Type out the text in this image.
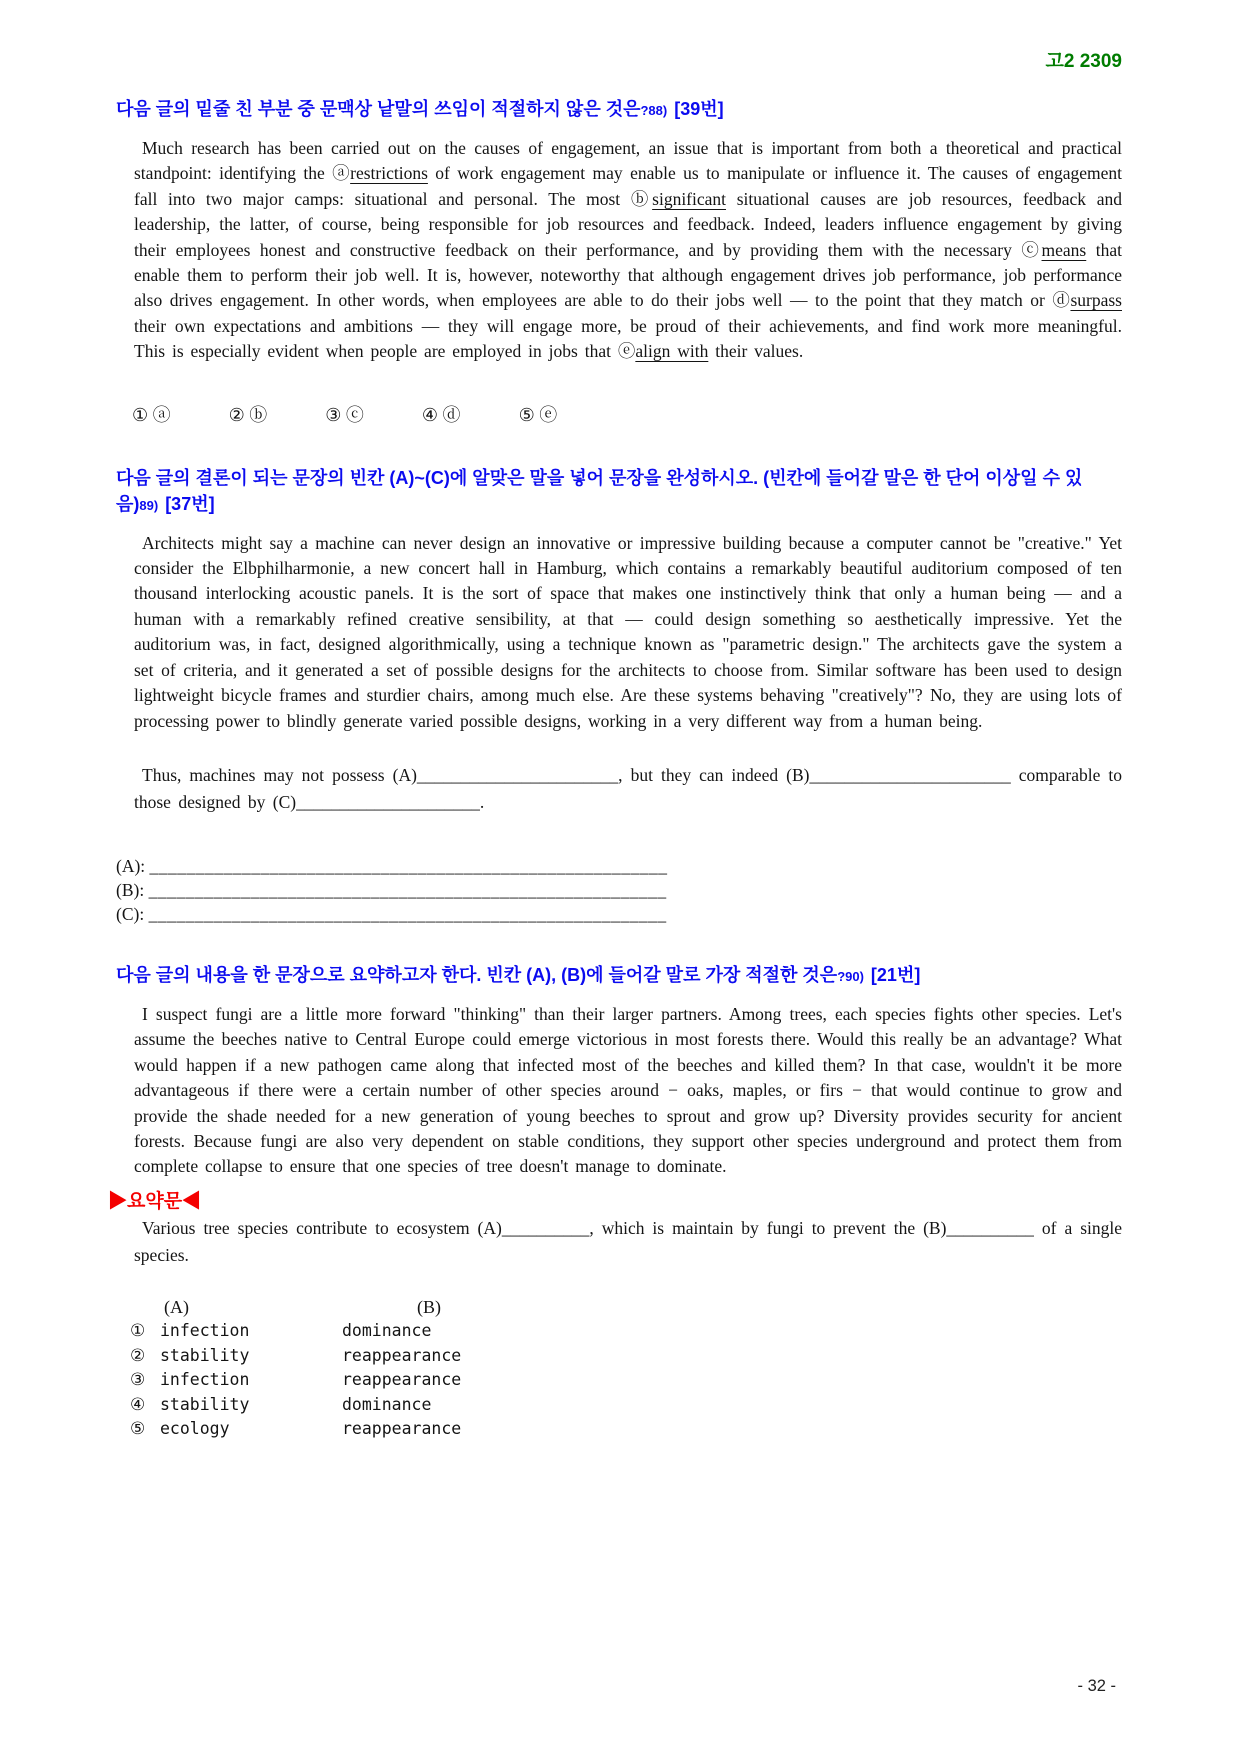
고2 2309
다음 글의 밑줄 친 부분 중 문맥상 낱말의 쓰임이 적절하지 않은 것은?88) [39번]
Much research has been carried out on the causes of engagement, an issue that is important from both a theoretical and practical standpoint: identifying the ⓐrestrictions of work engagement may enable us to manipulate or influence it. The causes of engagement fall into two major camps: situational and personal. The most ⓑsignificant situational causes are job resources, feedback and leadership, the latter, of course, being responsible for job resources and feedback. Indeed, leaders influence engagement by giving their employees honest and constructive feedback on their performance, and by providing them with the necessary ⓒmeans that enable them to perform their job well. It is, however, noteworthy that although engagement drives job performance, job performance also drives engagement. In other words, when employees are able to do their jobs well — to the point that they match or ⓓsurpass their own expectations and ambitions — they will engage more, be proud of their achievements, and find work more meaningful. This is especially evident when people are employed in jobs that ⓔalign with their values.
① ⓐ	② ⓑ	③ ⓒ	④ ⓓ	⑤ ⓔ
다음 글의 결론이 되는 문장의 빈칸 (A)~(C)에 알맞은 말을 넣어 문장을 완성하시오. (빈칸에 들어갈 말은 한 단어 이상일 수 있음)89) [37번]
Architects might say a machine can never design an innovative or impressive building because a computer cannot be "creative." Yet consider the Elbphilharmonie, a new concert hall in Hamburg, which contains a remarkably beautiful auditorium composed of ten thousand interlocking acoustic panels. It is the sort of space that makes one instinctively think that only a human being — and a human with a remarkably refined creative sensibility, at that — could design something so aesthetically impressive. Yet the auditorium was, in fact, designed algorithmically, using a technique known as "parametric design." The architects gave the system a set of criteria, and it generated a set of possible designs for the architects to choose from. Similar software has been used to design lightweight bicycle frames and sturdier chairs, among much else. Are these systems behaving "creatively"? No, they are using lots of processing power to blindly generate varied possible designs, working in a very different way from a human being.
Thus, machines may not possess (A)_______________________, but they can indeed (B)_______________________ comparable to those designed by (C)_____________________.
(A): ________________________________________________________
(B): ________________________________________________________
(C): ________________________________________________________
다음 글의 내용을 한 문장으로 요약하고자 한다. 빈칸 (A), (B)에 들어갈 말로 가장 적절한 것은?90) [21번]
I suspect fungi are a little more forward "thinking" than their larger partners. Among trees, each species fights other species. Let's assume the beeches native to Central Europe could emerge victorious in most forests there. Would this really be an advantage? What would happen if a new pathogen came along that infected most of the beeches and killed them? In that case, wouldn't it be more advantageous if there were a certain number of other species around − oaks, maples, or firs − that would continue to grow and provide the shade needed for a new generation of young beeches to sprout and grow up? Diversity provides security for ancient forests. Because fungi are also very dependent on stable conditions, they support other species underground and protect them from complete collapse to ensure that one species of tree doesn't manage to dominate.
▶요약문◀
Various tree species contribute to ecosystem (A)__________, which is maintain by fungi to prevent the (B)__________ of a single species.
(A)	(B)
① infection	dominance
② stability	reappearance
③ infection	reappearance
④ stability	dominance
⑤ ecology	reappearance
- 32 -
